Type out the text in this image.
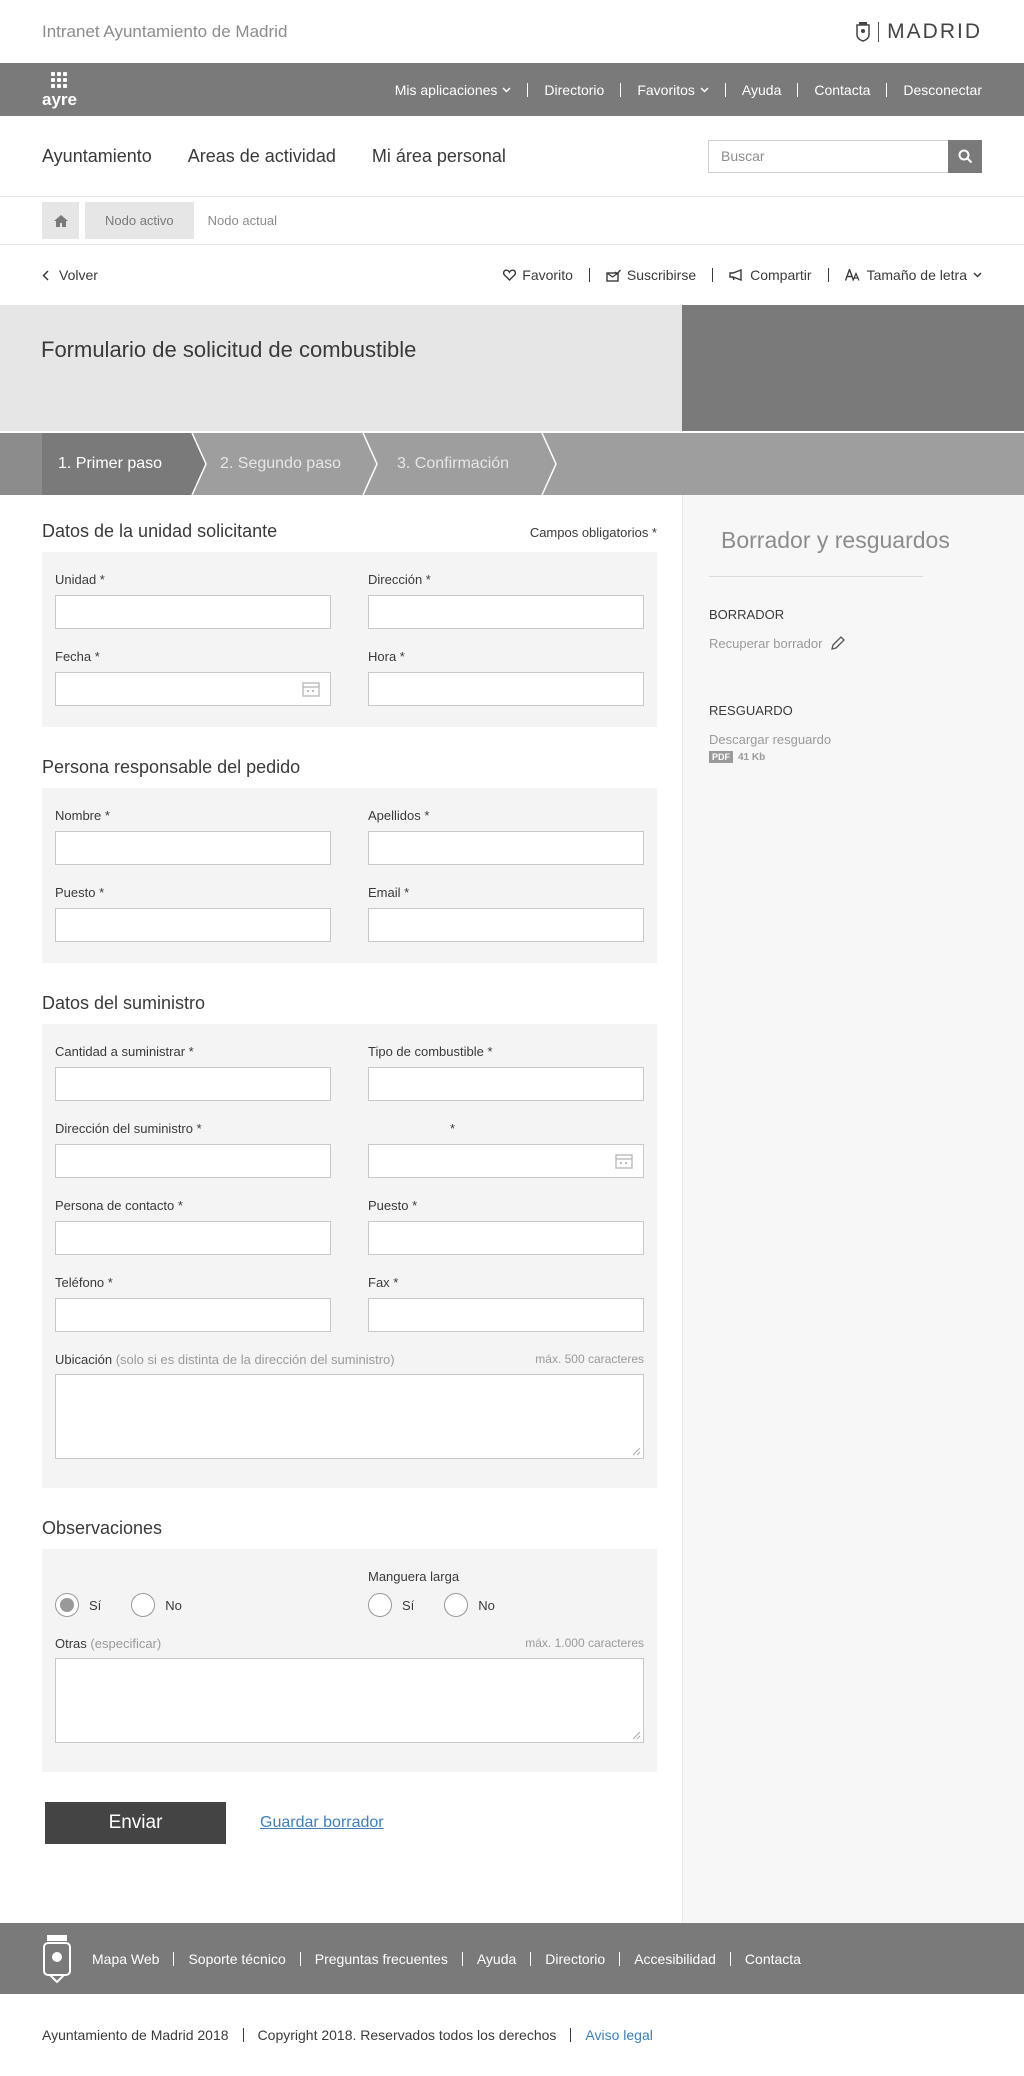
Intranet Ayuntamiento de Madrid	MADRID
ayre	Mis aplicaciones	Directorio	Favoritos	Ayuda	Contacta	Desconectar
Ayuntamiento Areas de actividad Mi área personal
Buscar
Nodo activo	Nodo actual
Volver	Favorito	Suscribirse	Compartir	Tamaño de letra
Formulario de solicitud de combustible
1. Primer paso	2. Segundo paso	3. Confirmación
Datos de la unidad solicitante	Campos obligatorios *
Unidad *	Dirección *
Fecha *	Hora *
Persona responsable del pedido
Nombre *	Apellidos *
Puesto *	Email *
Datos del suministro
Cantidad a suministrar *	Tipo de combustible *
Dirección del suministro *	*
Persona de contacto *	Puesto *
Teléfono *	Fax *
Ubicación (solo si es distinta de la dirección del suministro)	máx. 500 caracteres
Observaciones
Sí	No
Manguera larga
Sí	No
Otras (especificar)	máx. 1.000 caracteres
Enviar	Guardar borrador
Borrador y resguardos
BORRADOR
Recuperar borrador
RESGUARDO
Descargar resguardo
PDF 41 Kb
Mapa Web	Soporte técnico	Preguntas frecuentes	Ayuda	Directorio	Accesibilidad	Contacta
Ayuntamiento de Madrid 2018	Copyright 2018. Reservados todos los derechos	Aviso legal
